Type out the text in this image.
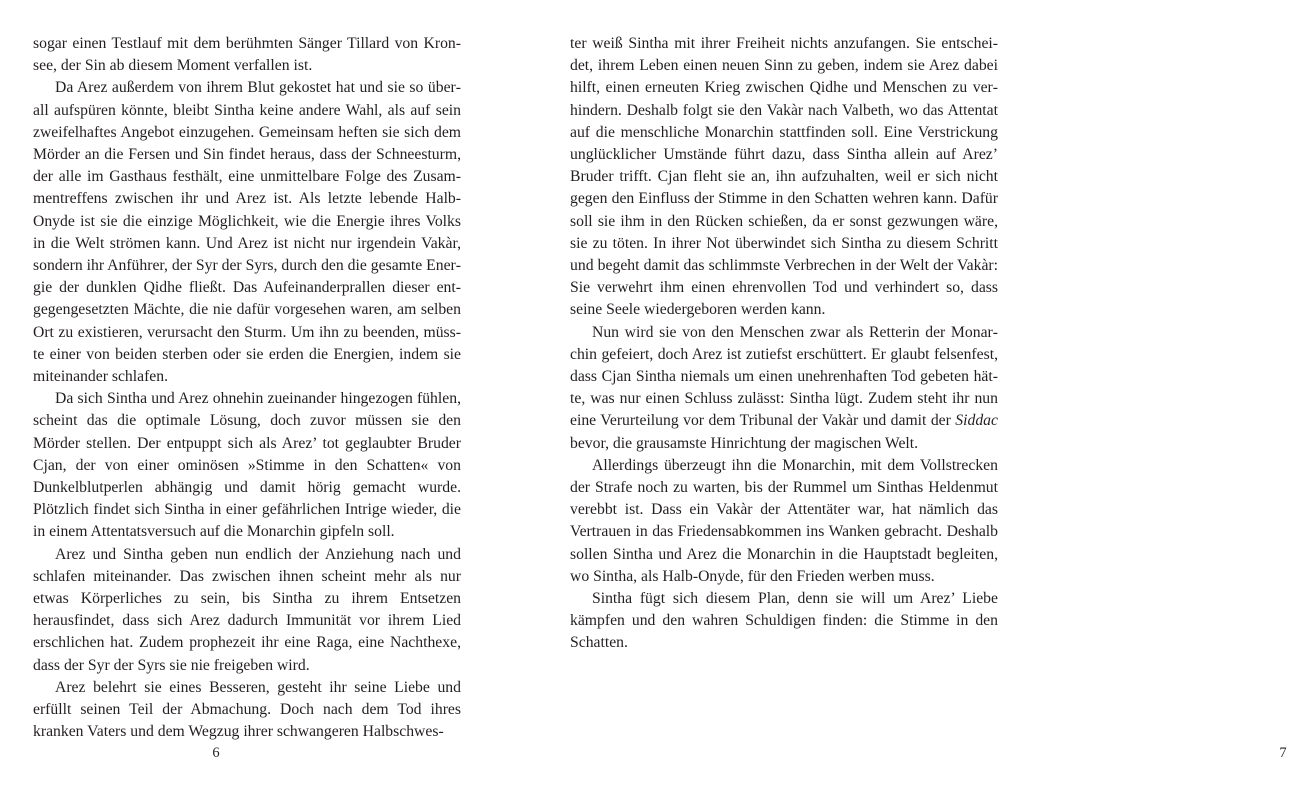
sogar einen Testlauf mit dem berühmten Sänger Tillard von Kronsee, der Sin ab diesem Moment verfallen ist.

Da Arez außerdem von ihrem Blut gekostet hat und sie so überall aufspüren könnte, bleibt Sintha keine andere Wahl, als auf sein zweifelhaftes Angebot einzugehen. Gemeinsam heften sie sich dem Mörder an die Fersen und Sin findet heraus, dass der Schneesturm, der alle im Gasthaus festhält, eine unmittelbare Folge des Zusammentreffens zwischen ihr und Arez ist. Als letzte lebende Halb-Onyde ist sie die einzige Möglichkeit, wie die Energie ihres Volks in die Welt strömen kann. Und Arez ist nicht nur irgendein Vakàr, sondern ihr Anführer, der Syr der Syrs, durch den die gesamte Energie der dunklen Qidhe fließt. Das Aufeinanderprallen dieser entgegengesetzten Mächte, die nie dafür vorgesehen waren, am selben Ort zu existieren, verursacht den Sturm. Um ihn zu beenden, müsste einer von beiden sterben oder sie erden die Energien, indem sie miteinander schlafen.

Da sich Sintha und Arez ohnehin zueinander hingezogen fühlen, scheint das die optimale Lösung, doch zuvor müssen sie den Mörder stellen. Der entpuppt sich als Arez’ tot geglaubter Bruder Cjan, der von einer ominösen »Stimme in den Schatten« von Dunkelblutperlen abhängig und damit hörig gemacht wurde. Plötzlich findet sich Sintha in einer gefährlichen Intrige wieder, die in einem Attentatsversuch auf die Monarchin gipfeln soll.

Arez und Sintha geben nun endlich der Anziehung nach und schlafen miteinander. Das zwischen ihnen scheint mehr als nur etwas Körperliches zu sein, bis Sintha zu ihrem Entsetzen herausfindet, dass sich Arez dadurch Immunität vor ihrem Lied erschlichen hat. Zudem prophezeit ihr eine Raga, eine Nachthexe, dass der Syr der Syrs sie nie freigeben wird.

Arez belehrt sie eines Besseren, gesteht ihr seine Liebe und erfüllt seinen Teil der Abmachung. Doch nach dem Tod ihres kranken Vaters und dem Wegzug ihrer schwangeren Halbschwes-

6

ter weiß Sintha mit ihrer Freiheit nichts anzufangen. Sie entscheidet, ihrem Leben einen neuen Sinn zu geben, indem sie Arez dabei hilft, einen erneuten Krieg zwischen Qidhe und Menschen zu verhindern. Deshalb folgt sie den Vakàr nach Valbeth, wo das Attentat auf die menschliche Monarchin stattfinden soll. Eine Verstrickung unglücklicher Umstände führt dazu, dass Sintha allein auf Arez’ Bruder trifft. Cjan fleht sie an, ihn aufzuhalten, weil er sich nicht gegen den Einfluss der Stimme in den Schatten wehren kann. Dafür soll sie ihm in den Rücken schießen, da er sonst gezwungen wäre, sie zu töten. In ihrer Not überwindet sich Sintha zu diesem Schritt und begeht damit das schlimmste Verbrechen in der Welt der Vakàr: Sie verwehrt ihm einen ehrenvollen Tod und verhindert so, dass seine Seele wiedergeboren werden kann.

Nun wird sie von den Menschen zwar als Retterin der Monarchin gefeiert, doch Arez ist zutiefst erschüttert. Er glaubt felsenfest, dass Cjan Sintha niemals um einen unehrenhaften Tod gebeten hätte, was nur einen Schluss zulässt: Sintha lügt. Zudem steht ihr nun eine Verurteilung vor dem Tribunal der Vakàr und damit der Siddac bevor, die grausamste Hinrichtung der magischen Welt.

Allerdings überzeugt ihn die Monarchin, mit dem Vollstrecken der Strafe noch zu warten, bis der Rummel um Sinthas Heldenmut verebbt ist. Dass ein Vakàr der Attentäter war, hat nämlich das Vertrauen in das Friedensabkommen ins Wanken gebracht. Deshalb sollen Sintha und Arez die Monarchin in die Hauptstadt begleiten, wo Sintha, als Halb-Onyde, für den Frieden werben muss.

Sintha fügt sich diesem Plan, denn sie will um Arez’ Liebe kämpfen und den wahren Schuldigen finden: die Stimme in den Schatten.

7
